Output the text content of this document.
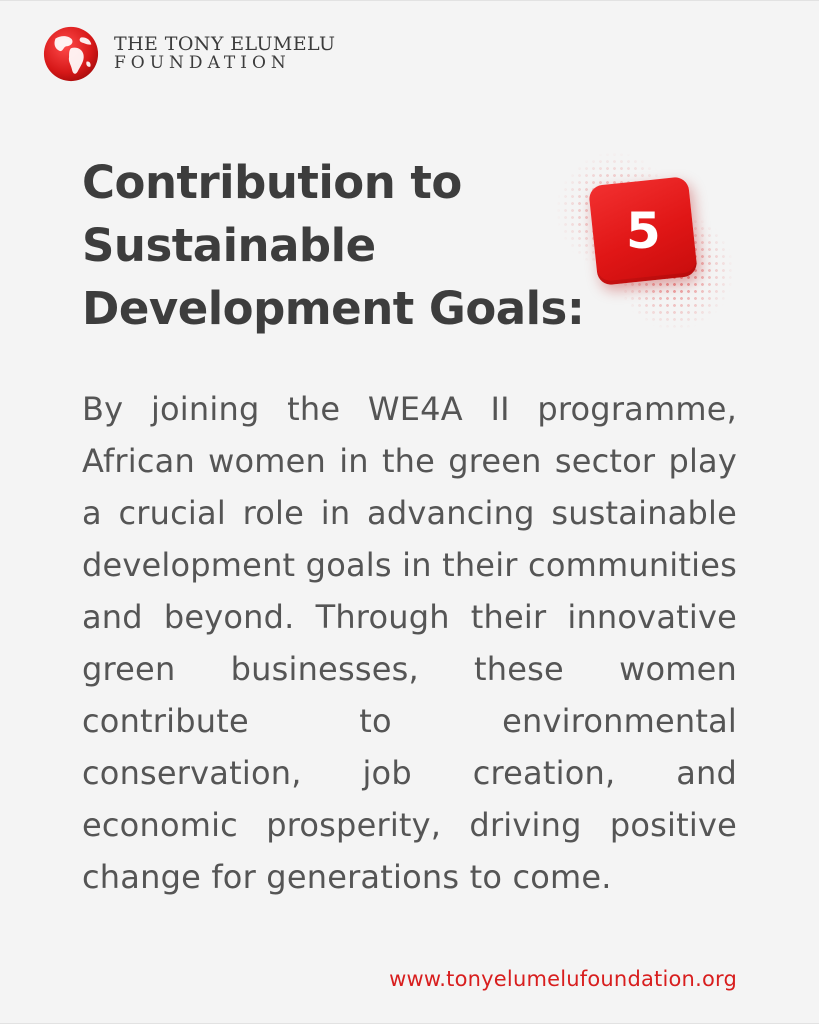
THE TONY ELUMELU
FOUNDATION
Contribution to Sustainable Development Goals:
5

By joining the WE4A II programme, African women in the green sector play a crucial role in advancing sustainable development goals in their communities and beyond. Through their innovative green businesses, these women contribute to environmental conservation, job creation, and economic prosperity, driving positive change for generations to come.

www.tonyelumelufoundation.org
